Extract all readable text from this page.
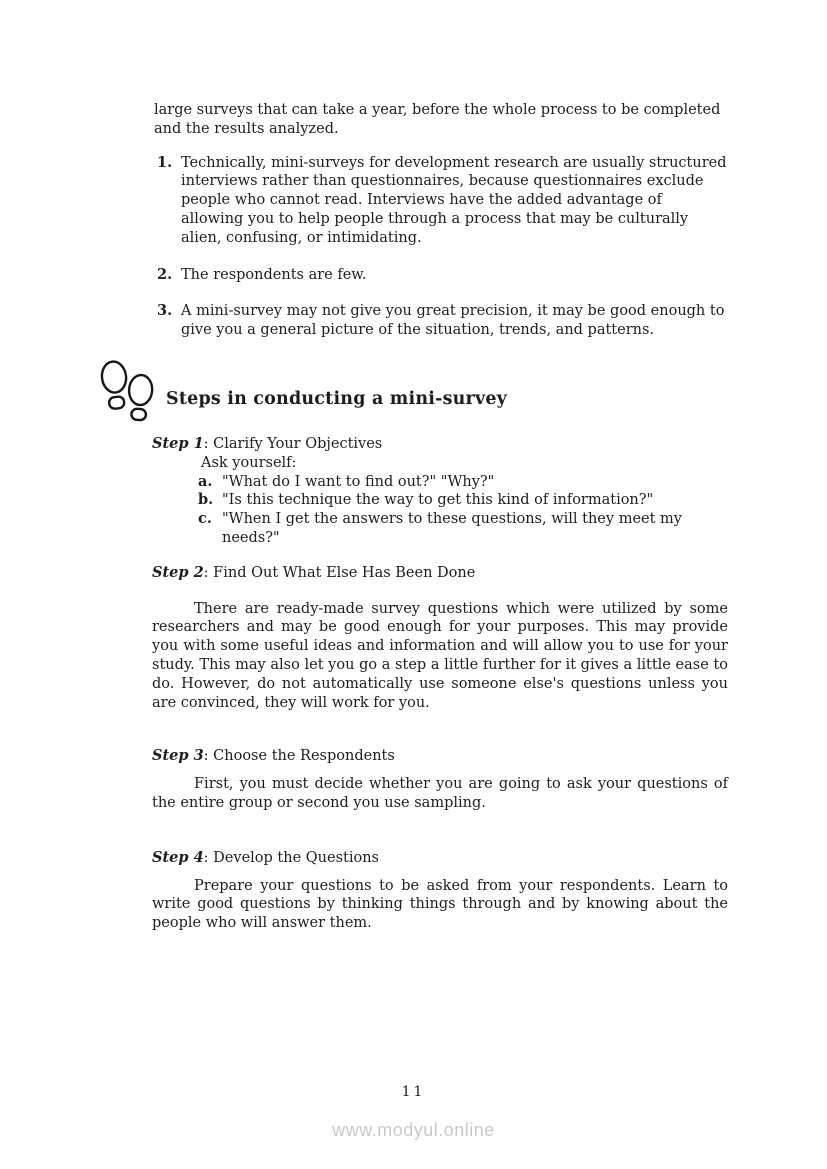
large surveys that can take a year, before the whole process to be completed and the results analyzed.

1. Technically, mini-surveys for development research are usually structured interviews rather than questionnaires, because questionnaires exclude people who cannot read. Interviews have the added advantage of allowing you to help people through a process that may be culturally alien, confusing, or intimidating.
2. The respondents are few.
3. A mini-survey may not give you great precision, it may be good enough to give you a general picture of the situation, trends, and patterns.
Steps in conducting a mini-survey

Step 1: Clarify Your Objectives

Ask yourself:

a. "What do I want to find out?" "Why?"
b. "Is this technique the way to get this kind of information?"
c. "When I get the answers to these questions, will they meet my needs?"

Step 2: Find Out What Else Has Been Done

There are ready-made survey questions which were utilized by some researchers and may be good enough for your purposes. This may provide you with some useful ideas and information and will allow you to use for your study. This may also let you go a step a little further for it gives a little ease to do. However, do not automatically use someone else's questions unless you are convinced, they will work for you.

Step 3: Choose the Respondents

First, you must decide whether you are going to ask your questions of the entire group or second you use sampling.

Step 4: Develop the Questions

Prepare your questions to be asked from your respondents. Learn to write good questions by thinking things through and by knowing about the people who will answer them.

11
www.modyul.online
